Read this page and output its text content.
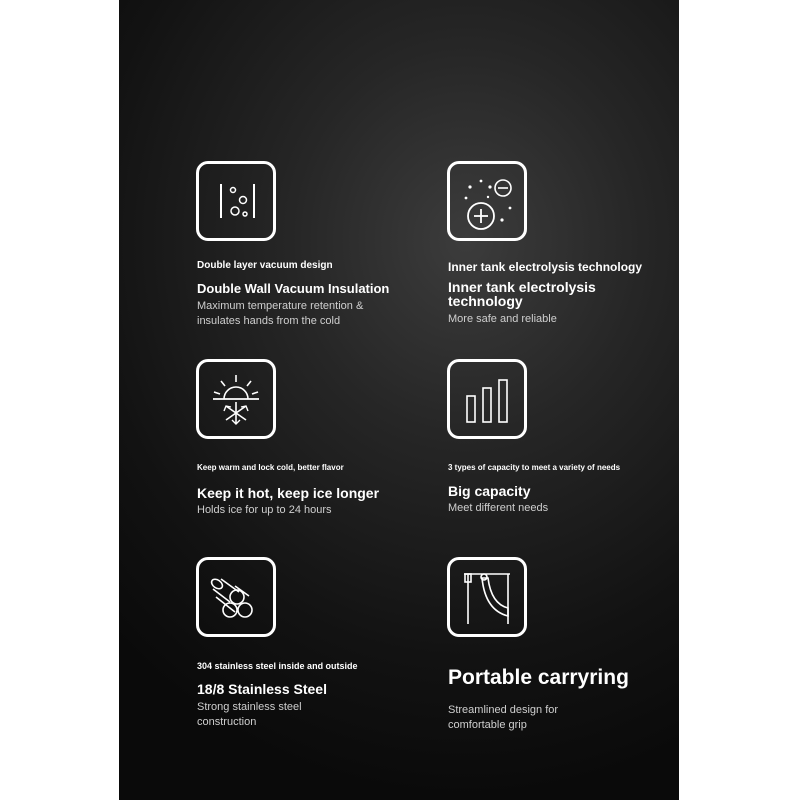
Double layer vacuum design
Double Wall Vacuum Insulation
Maximum temperature retention &
insulates hands from the cold
Inner tank electrolysis technology
Inner tank electrolysis
technology
More safe and reliable
Keep warm and lock cold, better flavor
Keep it hot, keep ice longer
Holds ice for up to 24 hours
3 types of capacity to meet a variety of needs
Big capacity
Meet different needs
304 stainless steel inside and outside
18/8 Stainless Steel
Strong stainless steel
construction
Portable carryring
Streamlined design for
comfortable grip
